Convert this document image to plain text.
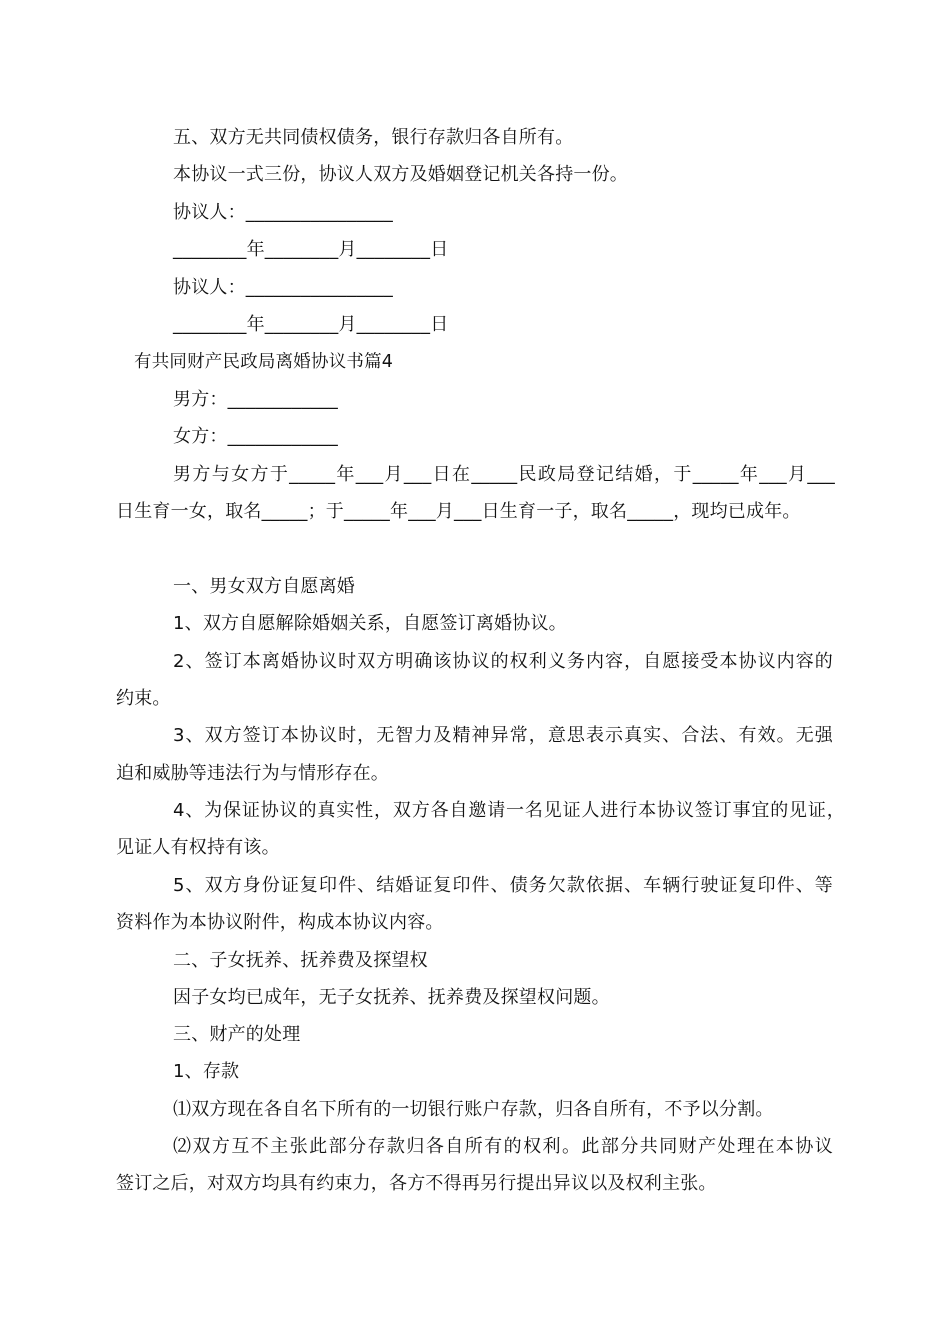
五、双方无共同债权债务，银行存款归各自所有。
本协议一式三份，协议人双方及婚姻登记机关各持一份。
协议人：________________
________年________月________日
协议人：________________
________年________月________日
有共同财产民政局离婚协议书篇4
男方：____________
女方：____________
男方与女方于_____年___月___日在_____民政局登记结婚，于_____年___月___
日生育一女，取名_____；于_____年___月___日生育一子，取名_____，现均已成年。
一、男女双方自愿离婚
1、双方自愿解除婚姻关系，自愿签订离婚协议。
2、签订本离婚协议时双方明确该协议的权利义务内容，自愿接受本协议内容的
约束。
3、双方签订本协议时，无智力及精神异常，意思表示真实、合法、有效。无强
迫和威胁等违法行为与情形存在。
4、为保证协议的真实性，双方各自邀请一名见证人进行本协议签订事宜的见证，
见证人有权持有该。
5、双方身份证复印件、结婚证复印件、债务欠款依据、车辆行驶证复印件、等
资料作为本协议附件，构成本协议内容。
二、子女抚养、抚养费及探望权
因子女均已成年，无子女抚养、抚养费及探望权问题。
三、财产的处理
1、存款
⑴双方现在各自名下所有的一切银行账户存款，归各自所有，不予以分割。
⑵双方互不主张此部分存款归各自所有的权利。此部分共同财产处理在本协议
签订之后，对双方均具有约束力，各方不得再另行提出异议以及权利主张。
